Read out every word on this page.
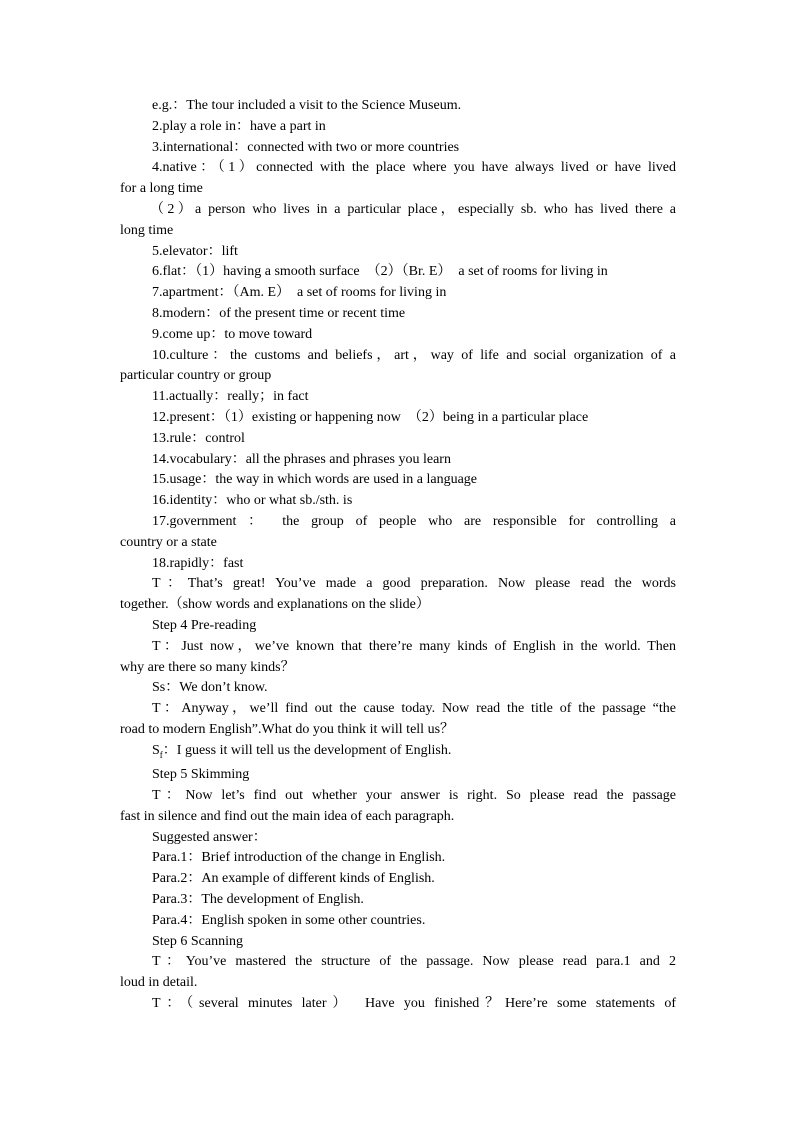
e.g.：The tour included a visit to the Science Museum.
2.play a role in：have a part in
3.international：connected with two or more countries
4.native：（1）connected with the place where you have always lived or have lived
for a long time
（2）a person who lives in a particular place，especially sb. who has lived there a
long time
5.elevator：lift
6.flat：（1）having a smooth surface　（2）（Br. E）　a set of rooms for living in
7.apartment：（Am. E）　a set of rooms for living in
8.modern：of the present time or recent time
9.come up：to move toward
10.culture：the customs and beliefs，art，way of life and social organization of a
particular country or group
11.actually：really；in fact
12.present：（1）existing or happening now　（2）being in a particular place
13.rule：control
14.vocabulary：all the phrases and phrases you learn
15.usage：the way in which words are used in a language
16.identity：who or what sb./sth. is
17.government ： the group of people who are responsible for controlling a
country or a state
18.rapidly：fast
T：That’s great! You’ve made a good preparation. Now please read the words
together.（show words and explanations on the slide）
Step 4 Pre-reading
T：Just now，we’ve known that there’re many kinds of English in the world. Then
why are there so many kinds？
Ss：We don’t know.
T：Anyway，we’ll find out the cause today. Now read the title of the passage “the
road to modern English”.What do you think it will tell us？
$S_f$：I guess it will tell us the development of English.
Step 5 Skimming
T：Now let’s find out whether your answer is right. So please read the passage
fast in silence and find out the main idea of each paragraph.
Suggested answer：
Para.1：Brief introduction of the change in English.
Para.2：An example of different kinds of English.
Para.3：The development of English.
Para.4：English spoken in some other countries.
Step 6 Scanning
T：You’ve mastered the structure of the passage. Now please read para.1 and 2
loud in detail.
T：（several minutes later）　Have you finished？Here’re some statements of
